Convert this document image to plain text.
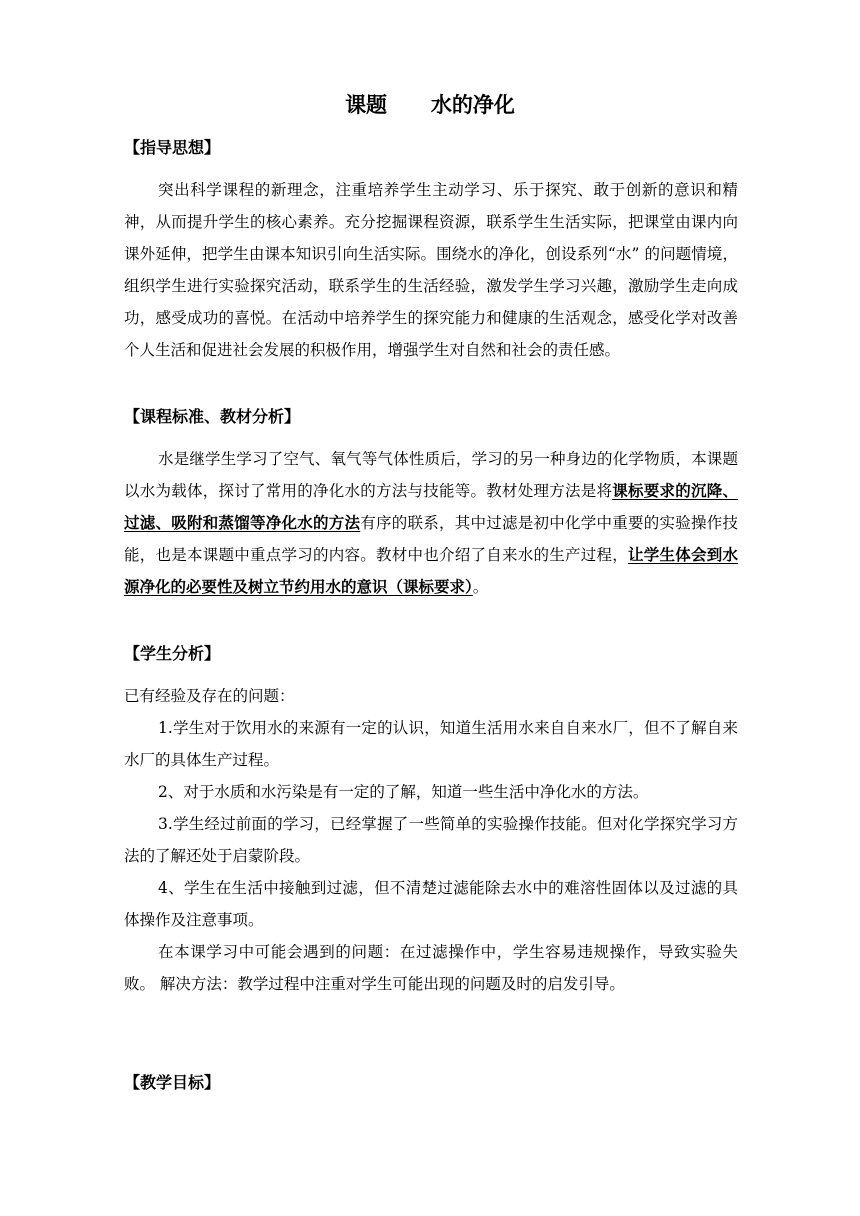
课题      水的净化
【指导思想】
突出科学课程的新理念，注重培养学生主动学习、乐于探究、敢于创新的意识和精神，从而提升学生的核心素养。充分挖掘课程资源，联系学生生活实际，把课堂由课内向课外延伸，把学生由课本知识引向生活实际。围绕水的净化，创设系列“水” 的问题情境，组织学生进行实验探究活动，联系学生的生活经验，激发学生学习兴趣，激励学生走向成功，感受成功的喜悦。在活动中培养学生的探究能力和健康的生活观念，感受化学对改善个人生活和促进社会发展的积极作用，增强学生对自然和社会的责任感。
【课程标准、教材分析】
水是继学生学习了空气、氧气等气体性质后，学习的另一种身边的化学物质，本课题以水为载体，探讨了常用的净化水的方法与技能等。教材处理方法是将课标要求的沉降、过滤、吸附和蒸馏等净化水的方法有序的联系，其中过滤是初中化学中重要的实验操作技能，也是本课题中重点学习的内容。教材中也介绍了自来水的生产过程，让学生体会到水源净化的必要性及树立节约用水的意识（课标要求）。
【学生分析】
已有经验及存在的问题：
1.学生对于饮用水的来源有一定的认识，知道生活用水来自自来水厂，但不了解自来水厂的具体生产过程。
2、对于水质和水污染是有一定的了解，知道一些生活中净化水的方法。
3.学生经过前面的学习，已经掌握了一些简单的实验操作技能。但对化学探究学习方法的了解还处于启蒙阶段。
4、学生在生活中接触到过滤，但不清楚过滤能除去水中的难溶性固体以及过滤的具体操作及注意事项。
在本课学习中可能会遇到的问题：在过滤操作中，学生容易违规操作，导致实验失败。 解决方法：教学过程中注重对学生可能出现的问题及时的启发引导。
【教学目标】
